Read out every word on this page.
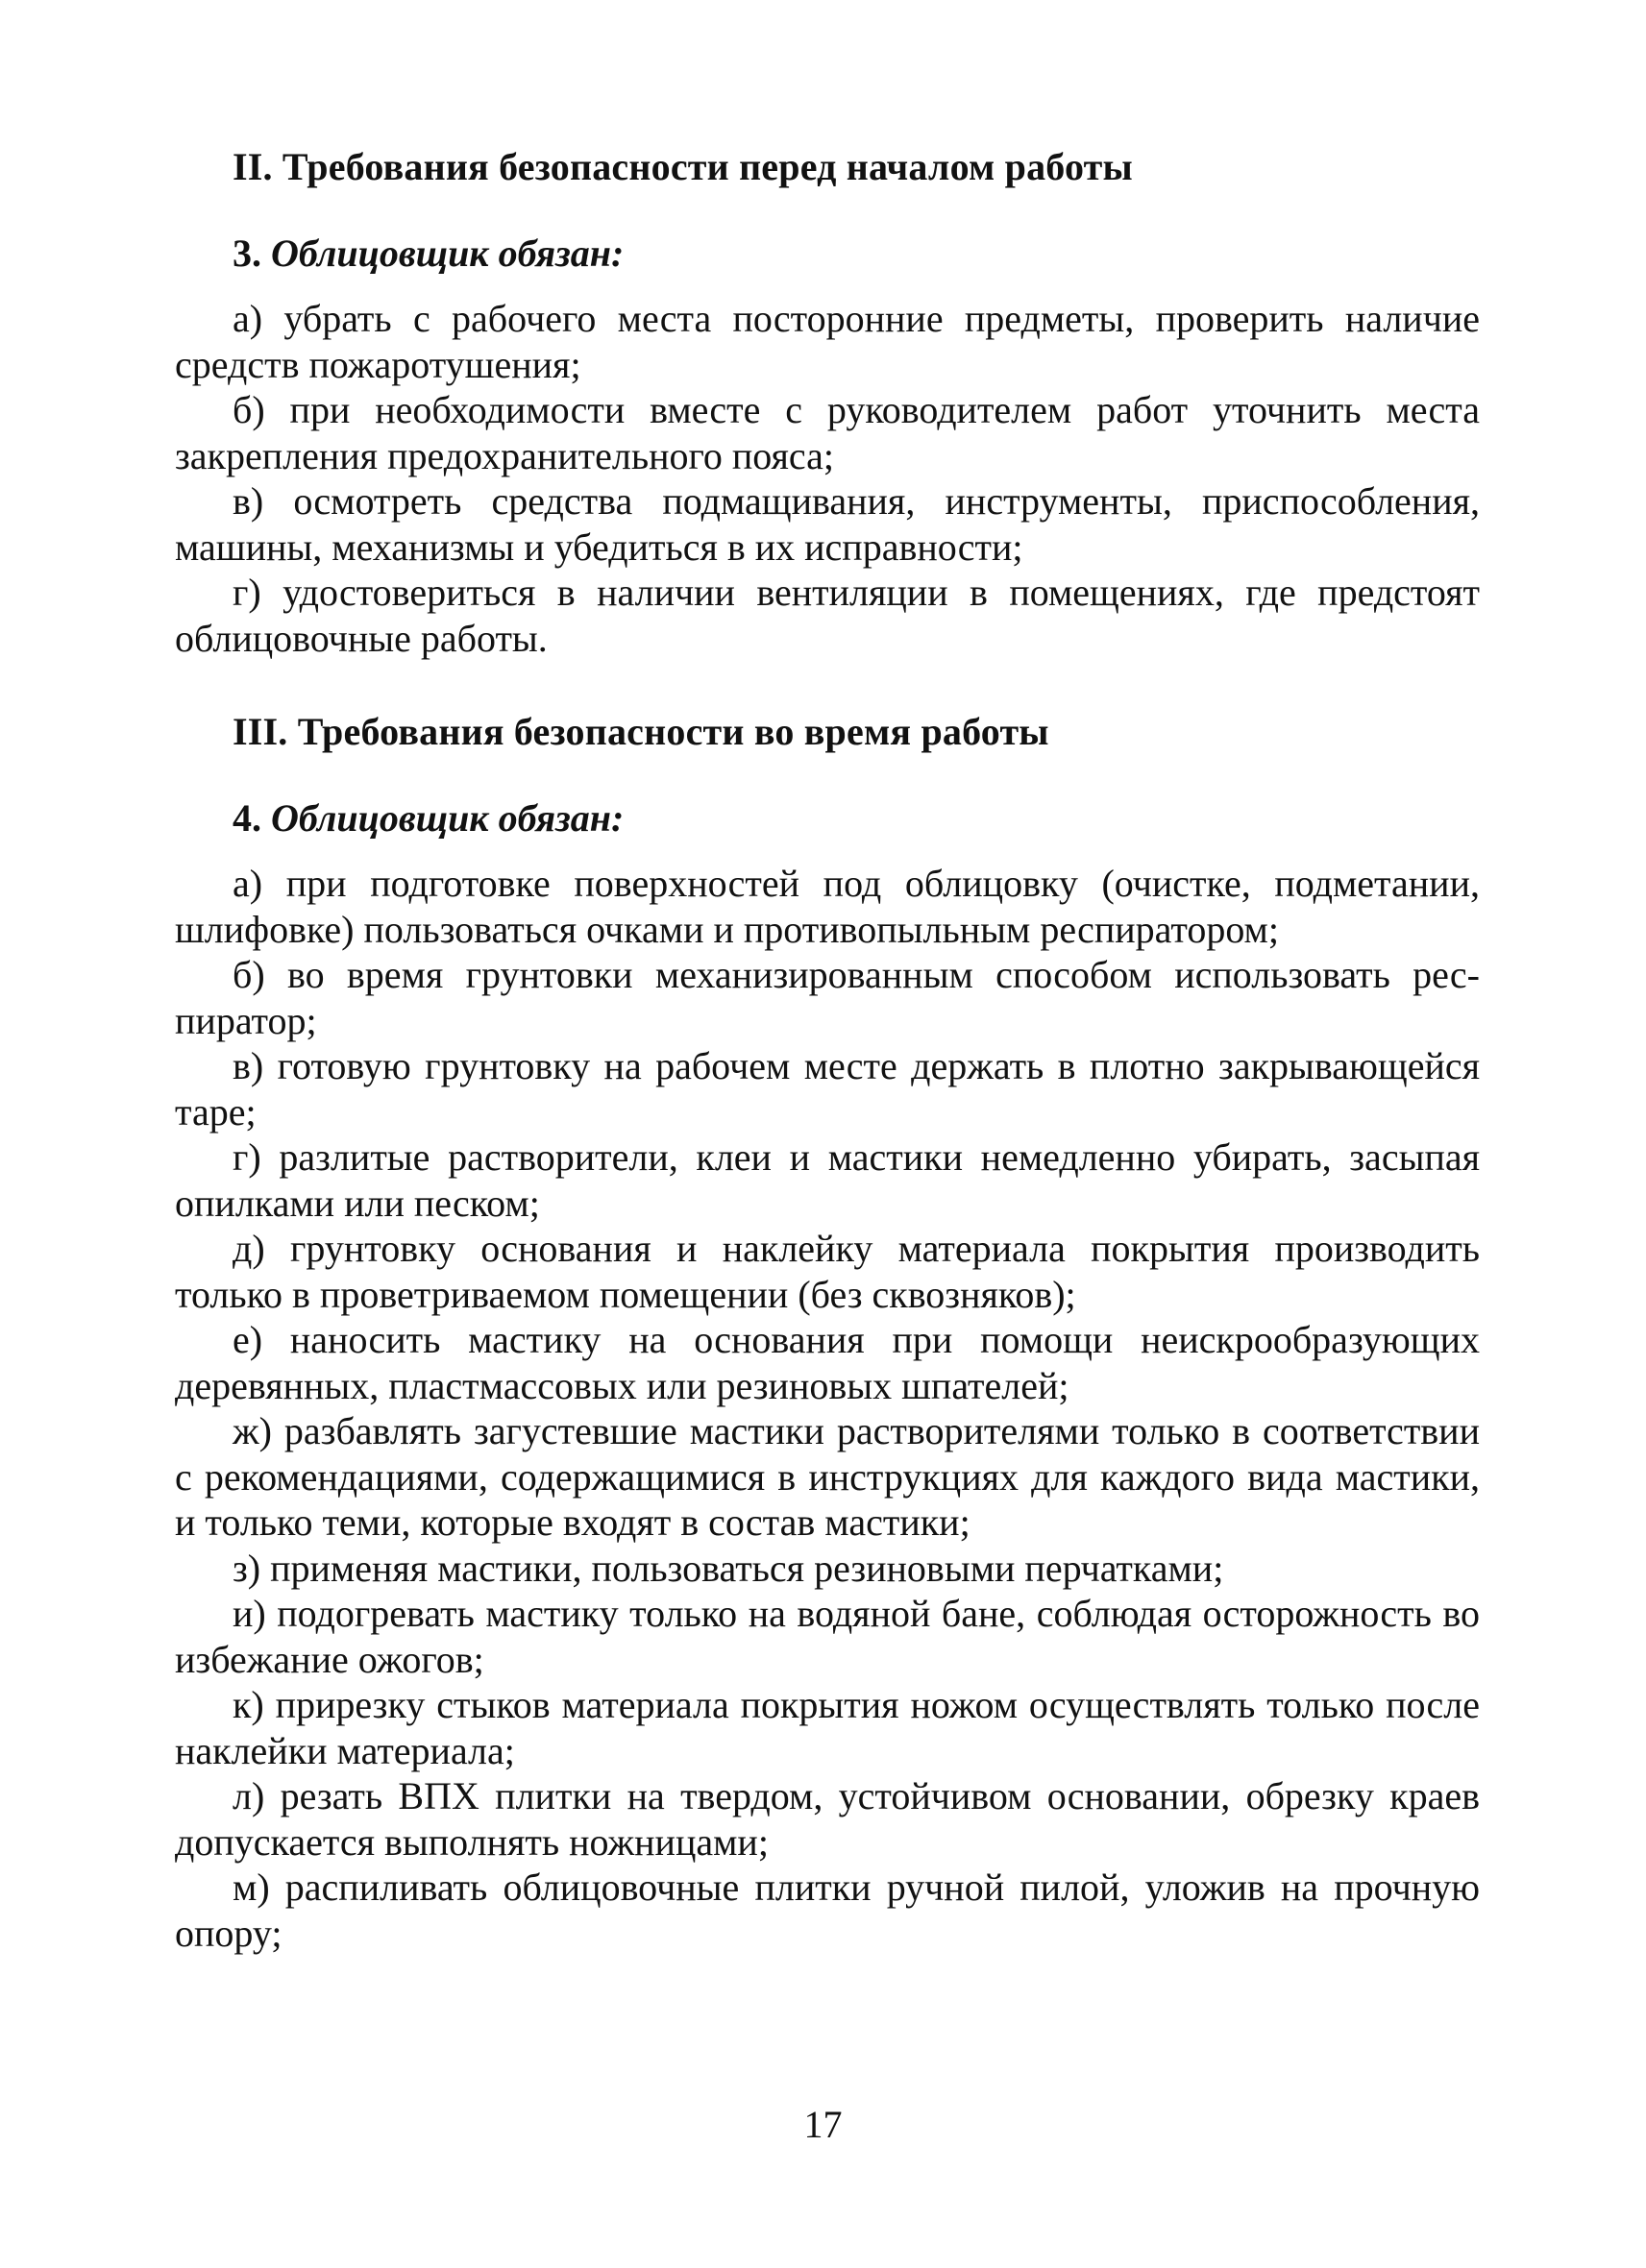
II. Требования безопасности перед началом работы
3. Облицовщик обязан:

а) убрать с рабочего места посторонние предметы, проверить наличие средств пожаротушения;

б) при необходимости вместе с руководителем работ уточнить места закрепления предохранительного пояса;

в) осмотреть средства подмащивания, инструменты, приспособления, машины, механизмы и убедиться в их исправности;

г) удостовериться в наличии вентиляции в помещениях, где предстоят облицовочные работы.

III. Требования безопасности во время работы
4. Облицовщик обязан:

а) при подготовке поверхностей под облицовку (очистке, подметании, шлифовке) пользоваться очками и противопыльным респиратором;

б) во время грунтовки механизированным способом использовать респиратор;

в) готовую грунтовку на рабочем месте держать в плотно закрывающейся таре;

г) разлитые растворители, клеи и мастики немедленно убирать, засыпая опилками или песком;

д) грунтовку основания и наклейку материала покрытия производить только в проветриваемом помещении (без сквозняков);

е) наносить мастику на основания при помощи неискрообразующих деревянных, пластмассовых или резиновых шпателей;

ж) разбавлять загустевшие мастики растворителями только в соответствии с рекомендациями, содержащимися в инструкциях для каждого вида мастики, и только теми, которые входят в состав мастики;

з) применяя мастики, пользоваться резиновыми перчатками;

и) подогревать мастику только на водяной бане, соблюдая осторожность во избежание ожогов;

к) прирезку стыков материала покрытия ножом осуществлять только после наклейки материала;

л) резать ВПХ плитки на твердом, устойчивом основании, обрезку краев допускается выполнять ножницами;

м) распиливать облицовочные плитки ручной пилой, уложив на прочную опору;

17
